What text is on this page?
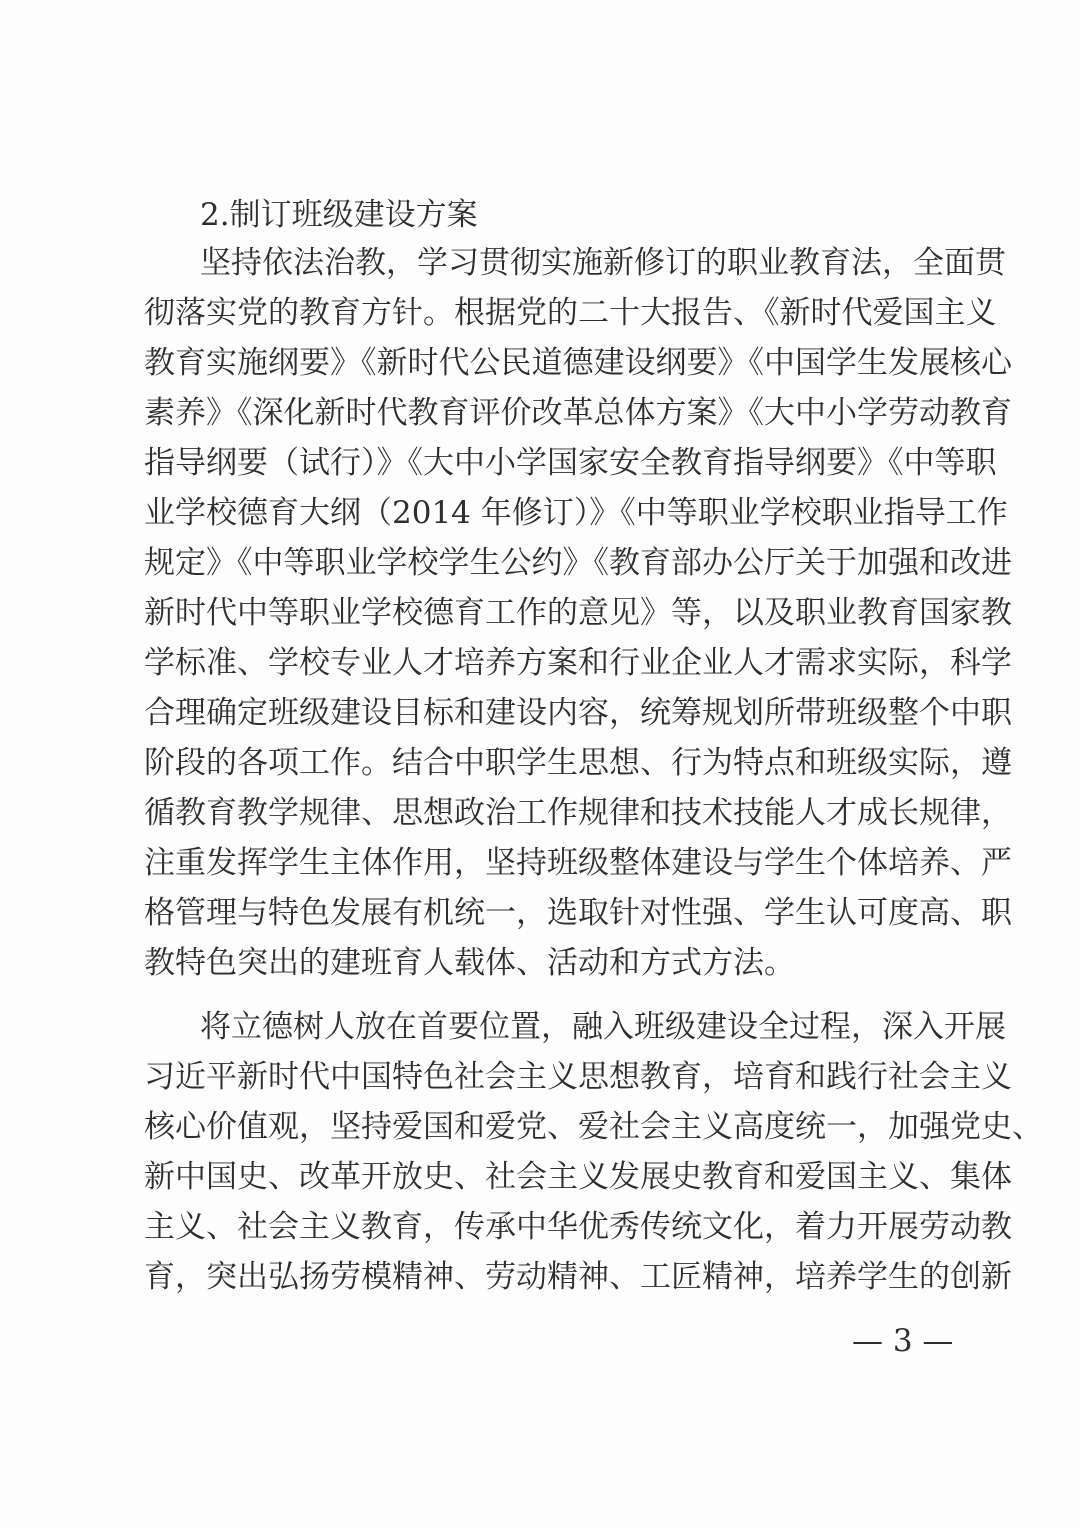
2.制订班级建设方案
坚持依法治教，学习贯彻实施新修订的职业教育法，全面贯
彻落实党的教育方针。根据党的二十大报告、《新时代爱国主义
教育实施纲要》《新时代公民道德建设纲要》《中国学生发展核心
素养》《深化新时代教育评价改革总体方案》《大中小学劳动教育
指导纲要（试行）》《大中小学国家安全教育指导纲要》《中等职
业学校德育大纲（2014 年修订）》《中等职业学校职业指导工作
规定》《中等职业学校学生公约》《教育部办公厅关于加强和改进
新时代中等职业学校德育工作的意见》等，以及职业教育国家教
学标准、学校专业人才培养方案和行业企业人才需求实际，科学
合理确定班级建设目标和建设内容，统筹规划所带班级整个中职
阶段的各项工作。结合中职学生思想、行为特点和班级实际，遵
循教育教学规律、思想政治工作规律和技术技能人才成长规律，
注重发挥学生主体作用，坚持班级整体建设与学生个体培养、严
格管理与特色发展有机统一，选取针对性强、学生认可度高、职
教特色突出的建班育人载体、活动和方式方法。
将立德树人放在首要位置，融入班级建设全过程，深入开展
习近平新时代中国特色社会主义思想教育，培育和践行社会主义
核心价值观，坚持爱国和爱党、爱社会主义高度统一，加强党史、
新中国史、改革开放史、社会主义发展史教育和爱国主义、集体
主义、社会主义教育，传承中华优秀传统文化，着力开展劳动教
育，突出弘扬劳模精神、劳动精神、工匠精神，培养学生的创新
— 3 —
